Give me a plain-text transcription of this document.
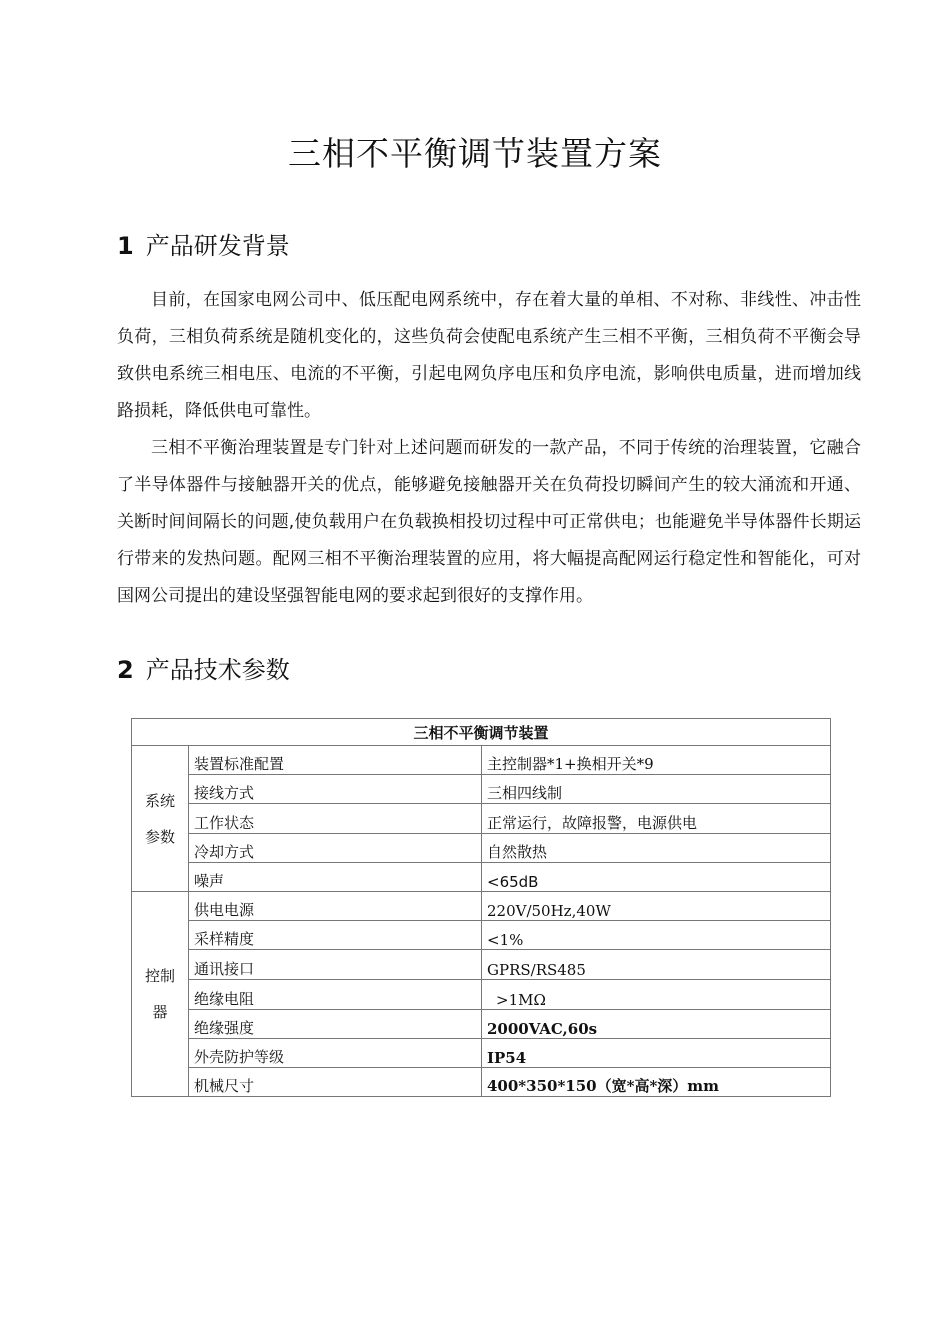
三相不平衡调节装置方案
1 产品研发背景

目前，在国家电网公司中、低压配电网系统中，存在着大量的单相、不对称、非线性、冲击性负荷，三相负荷系统是随机变化的，这些负荷会使配电系统产生三相不平衡，三相负荷不平衡会导致供电系统三相电压、电流的不平衡，引起电网负序电压和负序电流，影响供电质量，进而增加线路损耗，降低供电可靠性。

三相不平衡治理装置是专门针对上述问题而研发的一款产品，不同于传统的治理装置，它融合了半导体器件与接触器开关的优点，能够避免接触器开关在负荷投切瞬间产生的较大涌流和开通、关断时间间隔长的问题,使负载用户在负载换相投切过程中可正常供电；也能避免半导体器件长期运行带来的发热问题。配网三相不平衡治理装置的应用，将大幅提高配网运行稳定性和智能化，可对国网公司提出的建设坚强智能电网的要求起到很好的支撑作用。

2 产品技术参数
三相不平衡调节装置		
系统参数	装置标准配置	主控制器*1+换相开关*9
	接线方式	三相四线制
	工作状态	正常运行，故障报警，电源供电
	冷却方式	自然散热
	噪声	<65dB
控制器	供电电源	220V/50Hz,40W
	采样精度	<1%
	通讯接口	GPRS/RS485
	绝缘电阻	>1MΩ
	绝缘强度	2000VAC,60s
	外壳防护等级	IP54
	机械尺寸	400*350*150（宽*高*深）mm
